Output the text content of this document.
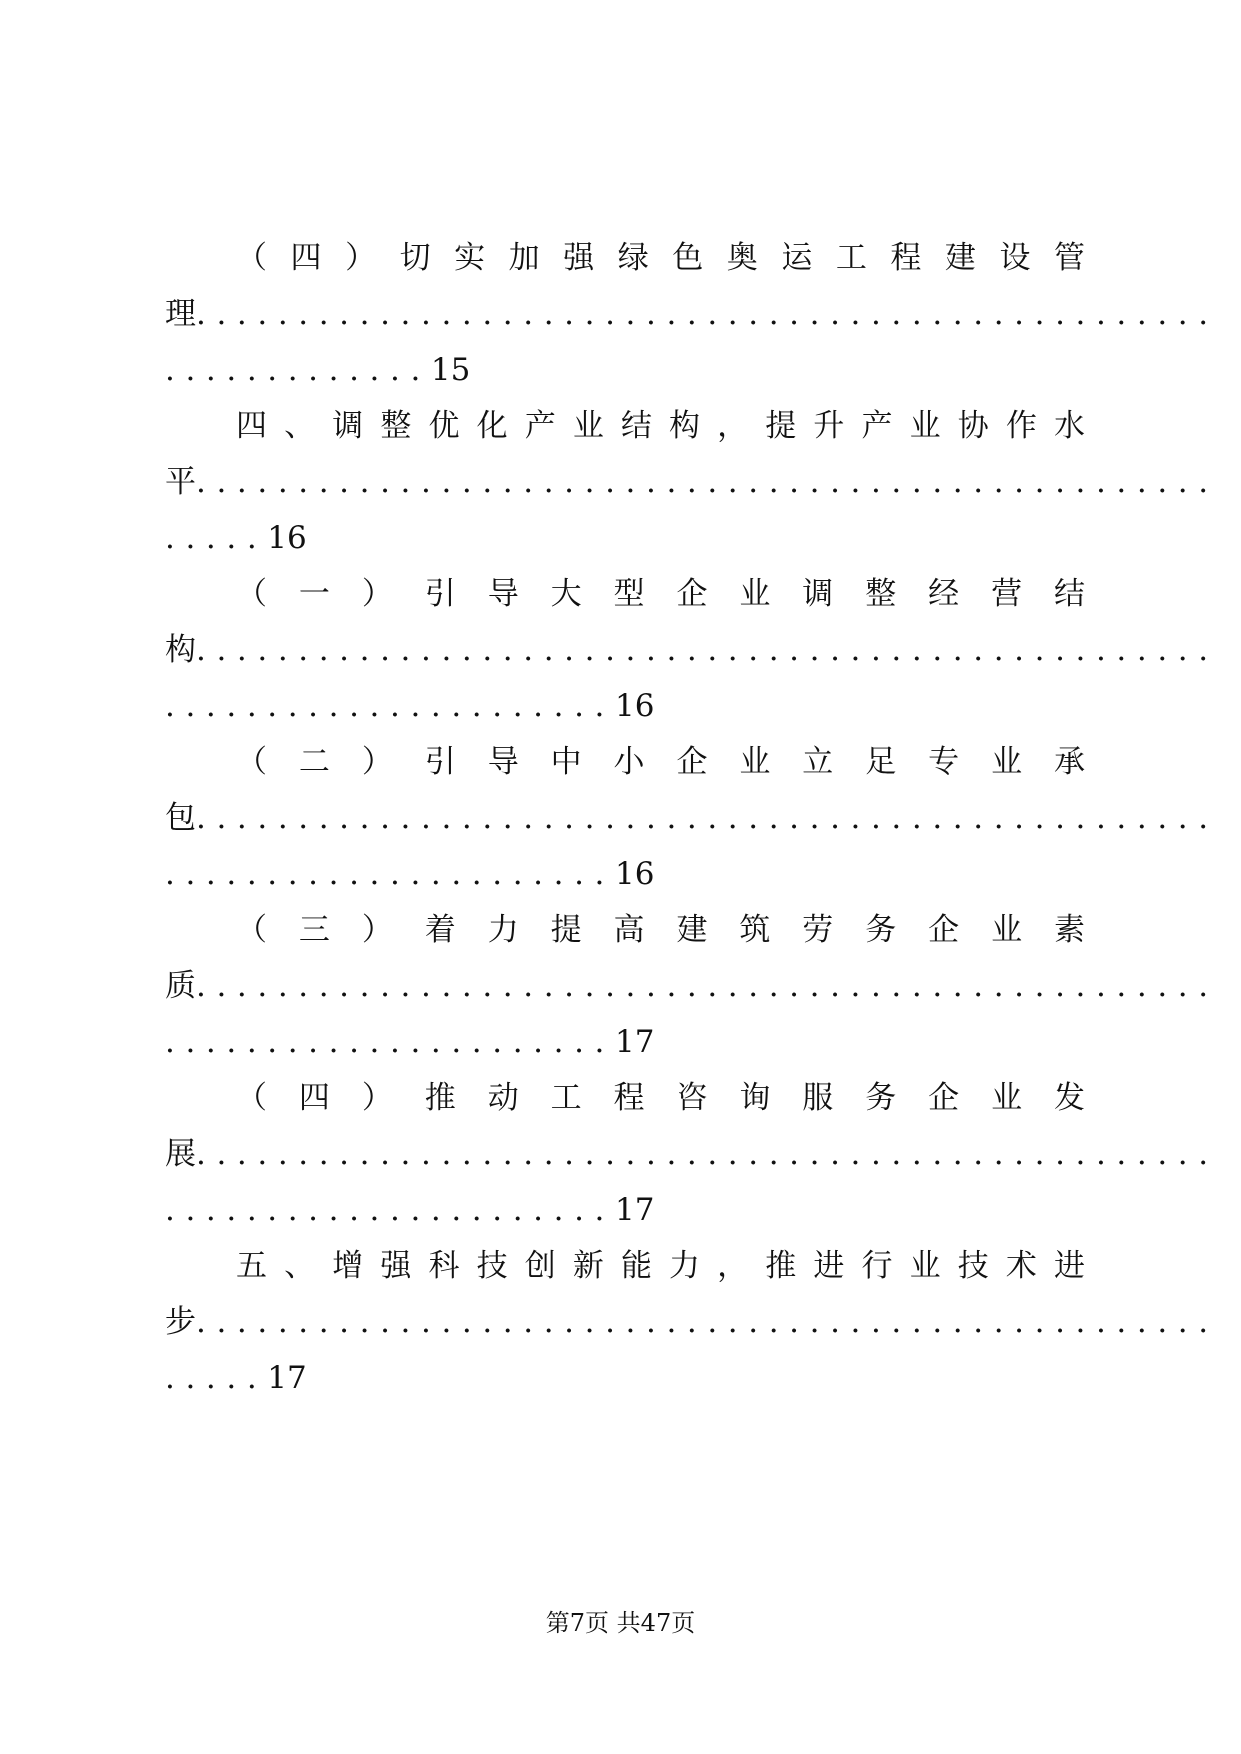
（四）切实加强绿色奥运工程建设管
理..................................................
.............15
四、调整优化产业结构，提升产业协作水
平..................................................
.....16
（一）引导大型企业调整经营结
构..................................................
......................16
（二）引导中小企业立足专业承
包..................................................
......................16
（三）着力提高建筑劳务企业素
质..................................................
......................17
（四）推动工程咨询服务企业发
展..................................................
......................17
五、增强科技创新能力，推进行业技术进
步..................................................
.....17
第7页 共47页
